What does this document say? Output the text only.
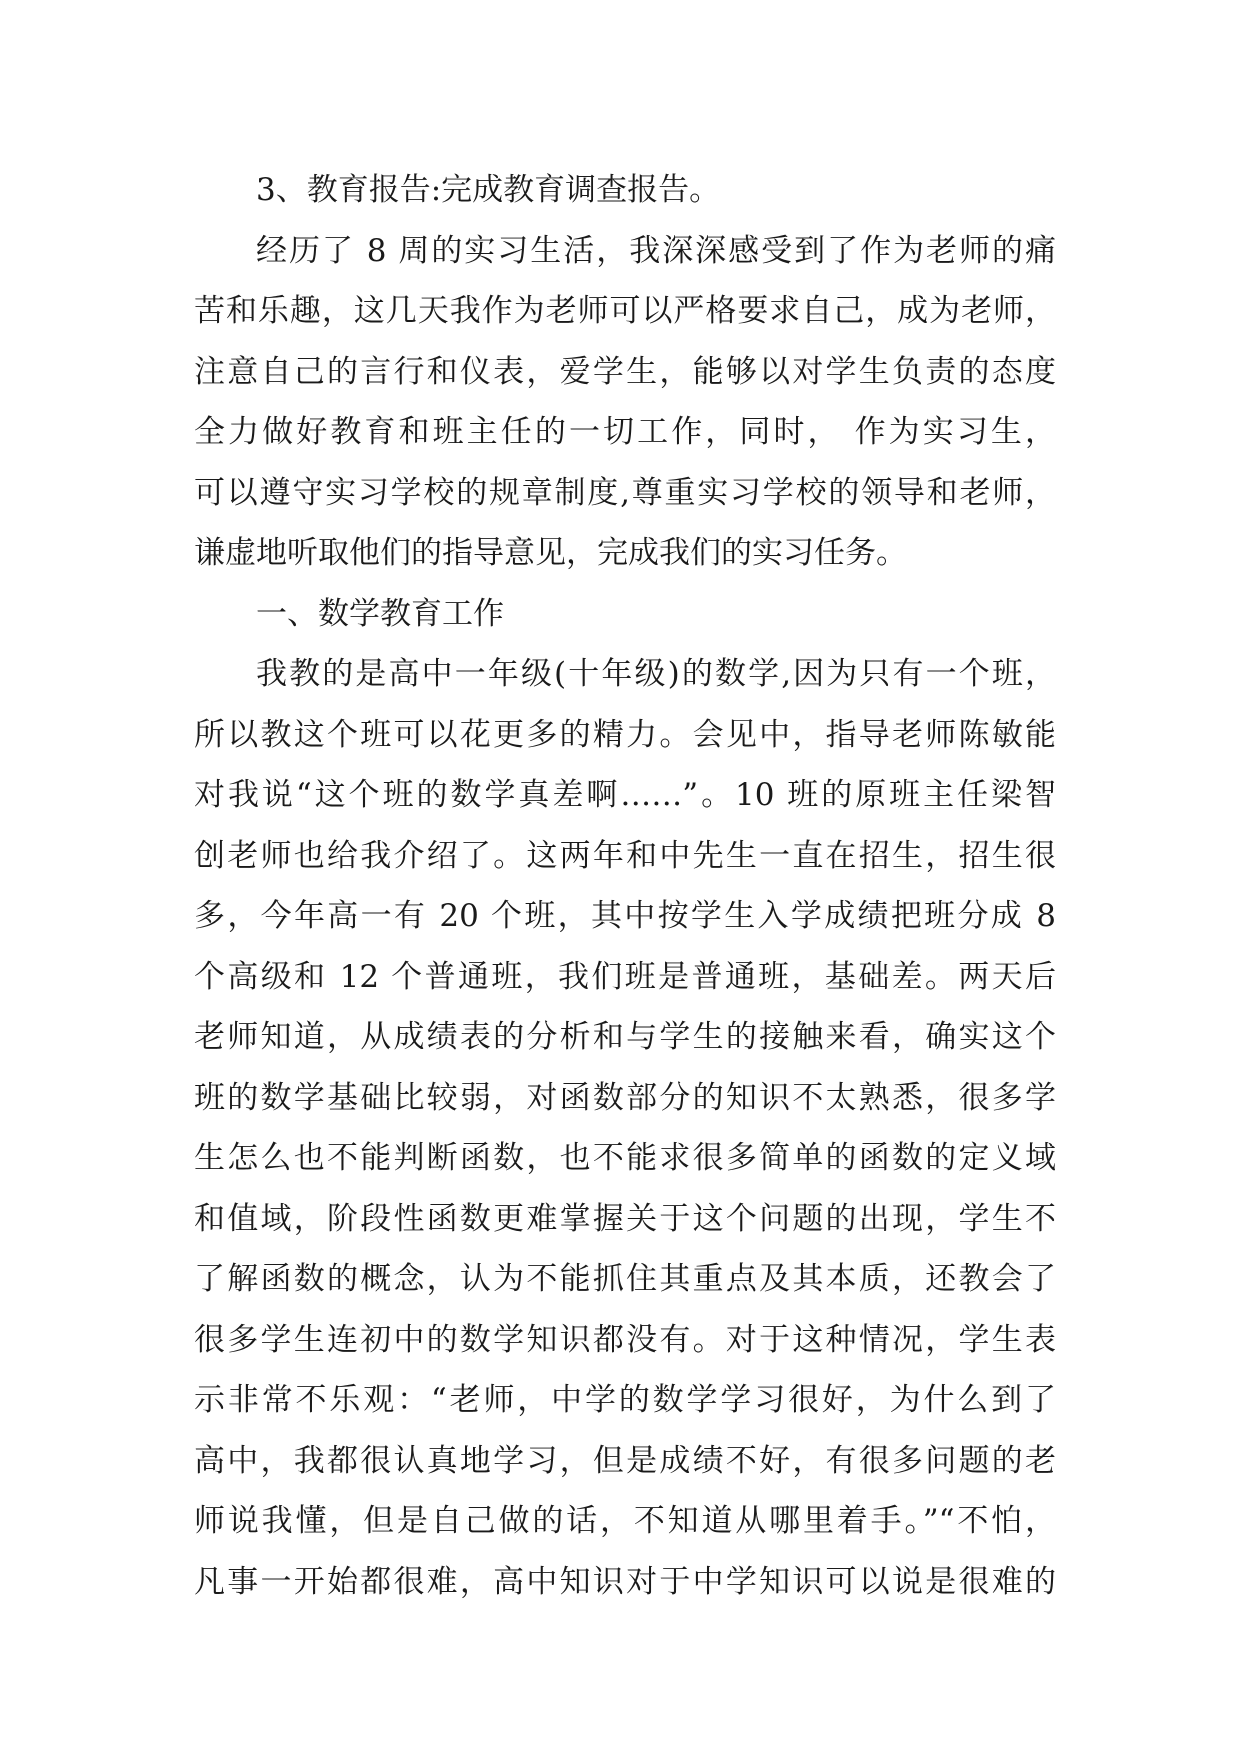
3、教育报告:完成教育调查报告。
经历了 8 周的实习生活，我深深感受到了作为老师的痛
苦和乐趣，这几天我作为老师可以严格要求自己，成为老师，
注意自己的言行和仪表，爱学生，能够以对学生负责的态度
全力做好教育和班主任的一切工作，同时， 作为实习生，
可以遵守实习学校的规章制度,尊重实习学校的领导和老师，
谦虚地听取他们的指导意见，完成我们的实习任务。
一、数学教育工作
我教的是高中一年级(十年级)的数学,因为只有一个班，
所以教这个班可以花更多的精力。会见中，指导老师陈敏能
对我说“这个班的数学真差啊……”。10 班的原班主任梁智
创老师也给我介绍了。这两年和中先生一直在招生，招生很
多，今年高一有 20 个班，其中按学生入学成绩把班分成 8
个高级和 12 个普通班，我们班是普通班，基础差。两天后
老师知道，从成绩表的分析和与学生的接触来看，确实这个
班的数学基础比较弱，对函数部分的知识不太熟悉，很多学
生怎么也不能判断函数，也不能求很多简单的函数的定义域
和值域，阶段性函数更难掌握关于这个问题的出现，学生不
了解函数的概念，认为不能抓住其重点及其本质，还教会了
很多学生连初中的数学知识都没有。对于这种情况，学生表
示非常不乐观：“老师，中学的数学学习很好，为什么到了
高中，我都很认真地学习，但是成绩不好，有很多问题的老
师说我懂，但是自己做的话，不知道从哪里着手。”“不怕，
凡事一开始都很难，高中知识对于中学知识可以说是很难的
